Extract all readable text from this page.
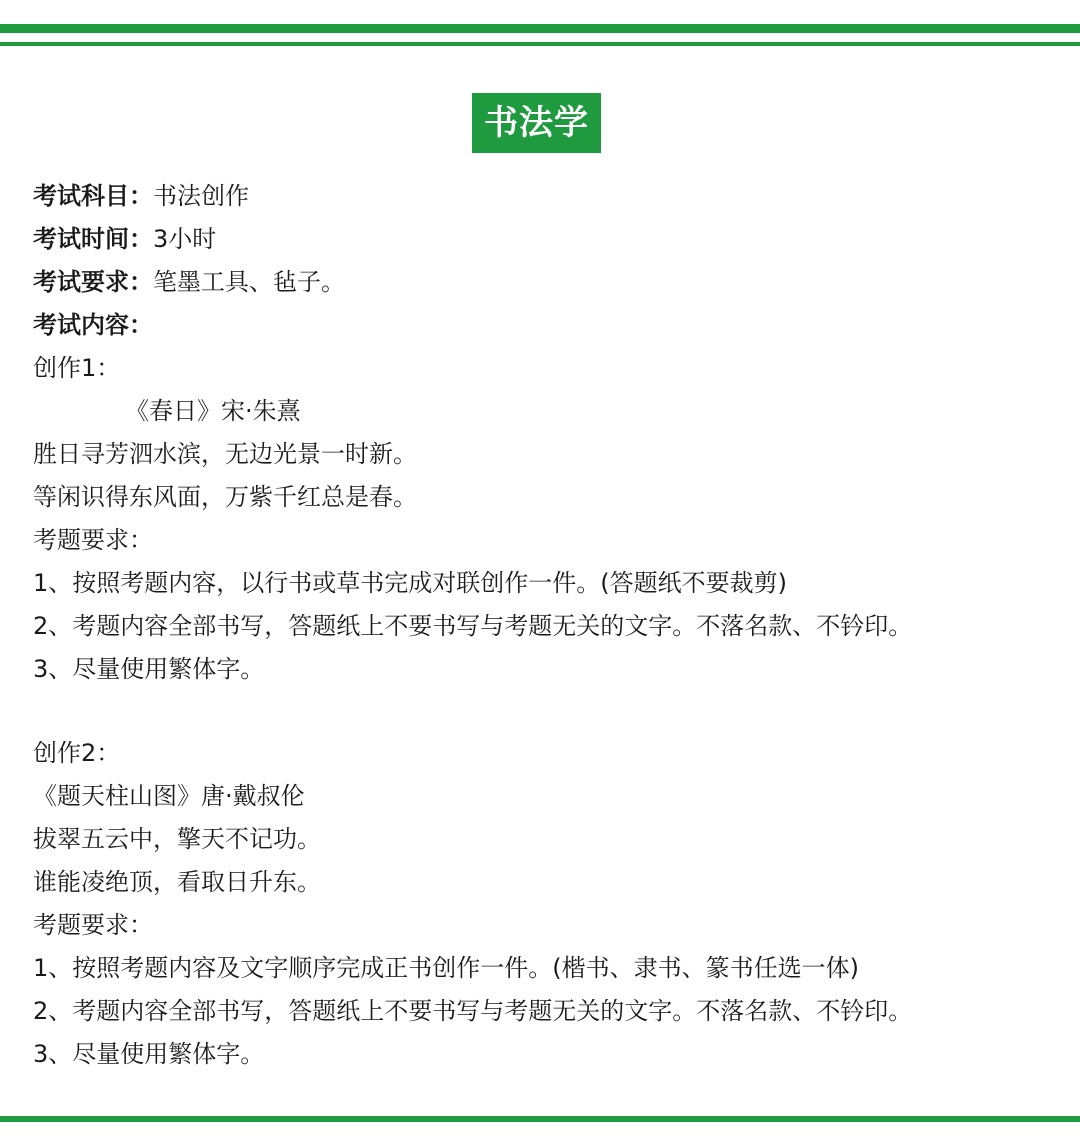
书法学
考试科目：书法创作
考试时间：3小时
考试要求：笔墨工具、毡子。
考试内容：
创作1：
《春日》宋·朱熹
胜日寻芳泗水滨，无边光景一时新。
等闲识得东风面，万紫千红总是春。
考题要求：
1、按照考题内容，以行书或草书完成对联创作一件。(答题纸不要裁剪)
2、考题内容全部书写，答题纸上不要书写与考题无关的文字。不落名款、不钤印。
3、尽量使用繁体字。
创作2：
《题天柱山图》唐·戴叔伦
拔翠五云中，擎天不记功。
谁能凌绝顶，看取日升东。
考题要求：
1、按照考题内容及文字顺序完成正书创作一件。(楷书、隶书、篆书任选一体)
2、考题内容全部书写，答题纸上不要书写与考题无关的文字。不落名款、不钤印。
3、尽量使用繁体字。
